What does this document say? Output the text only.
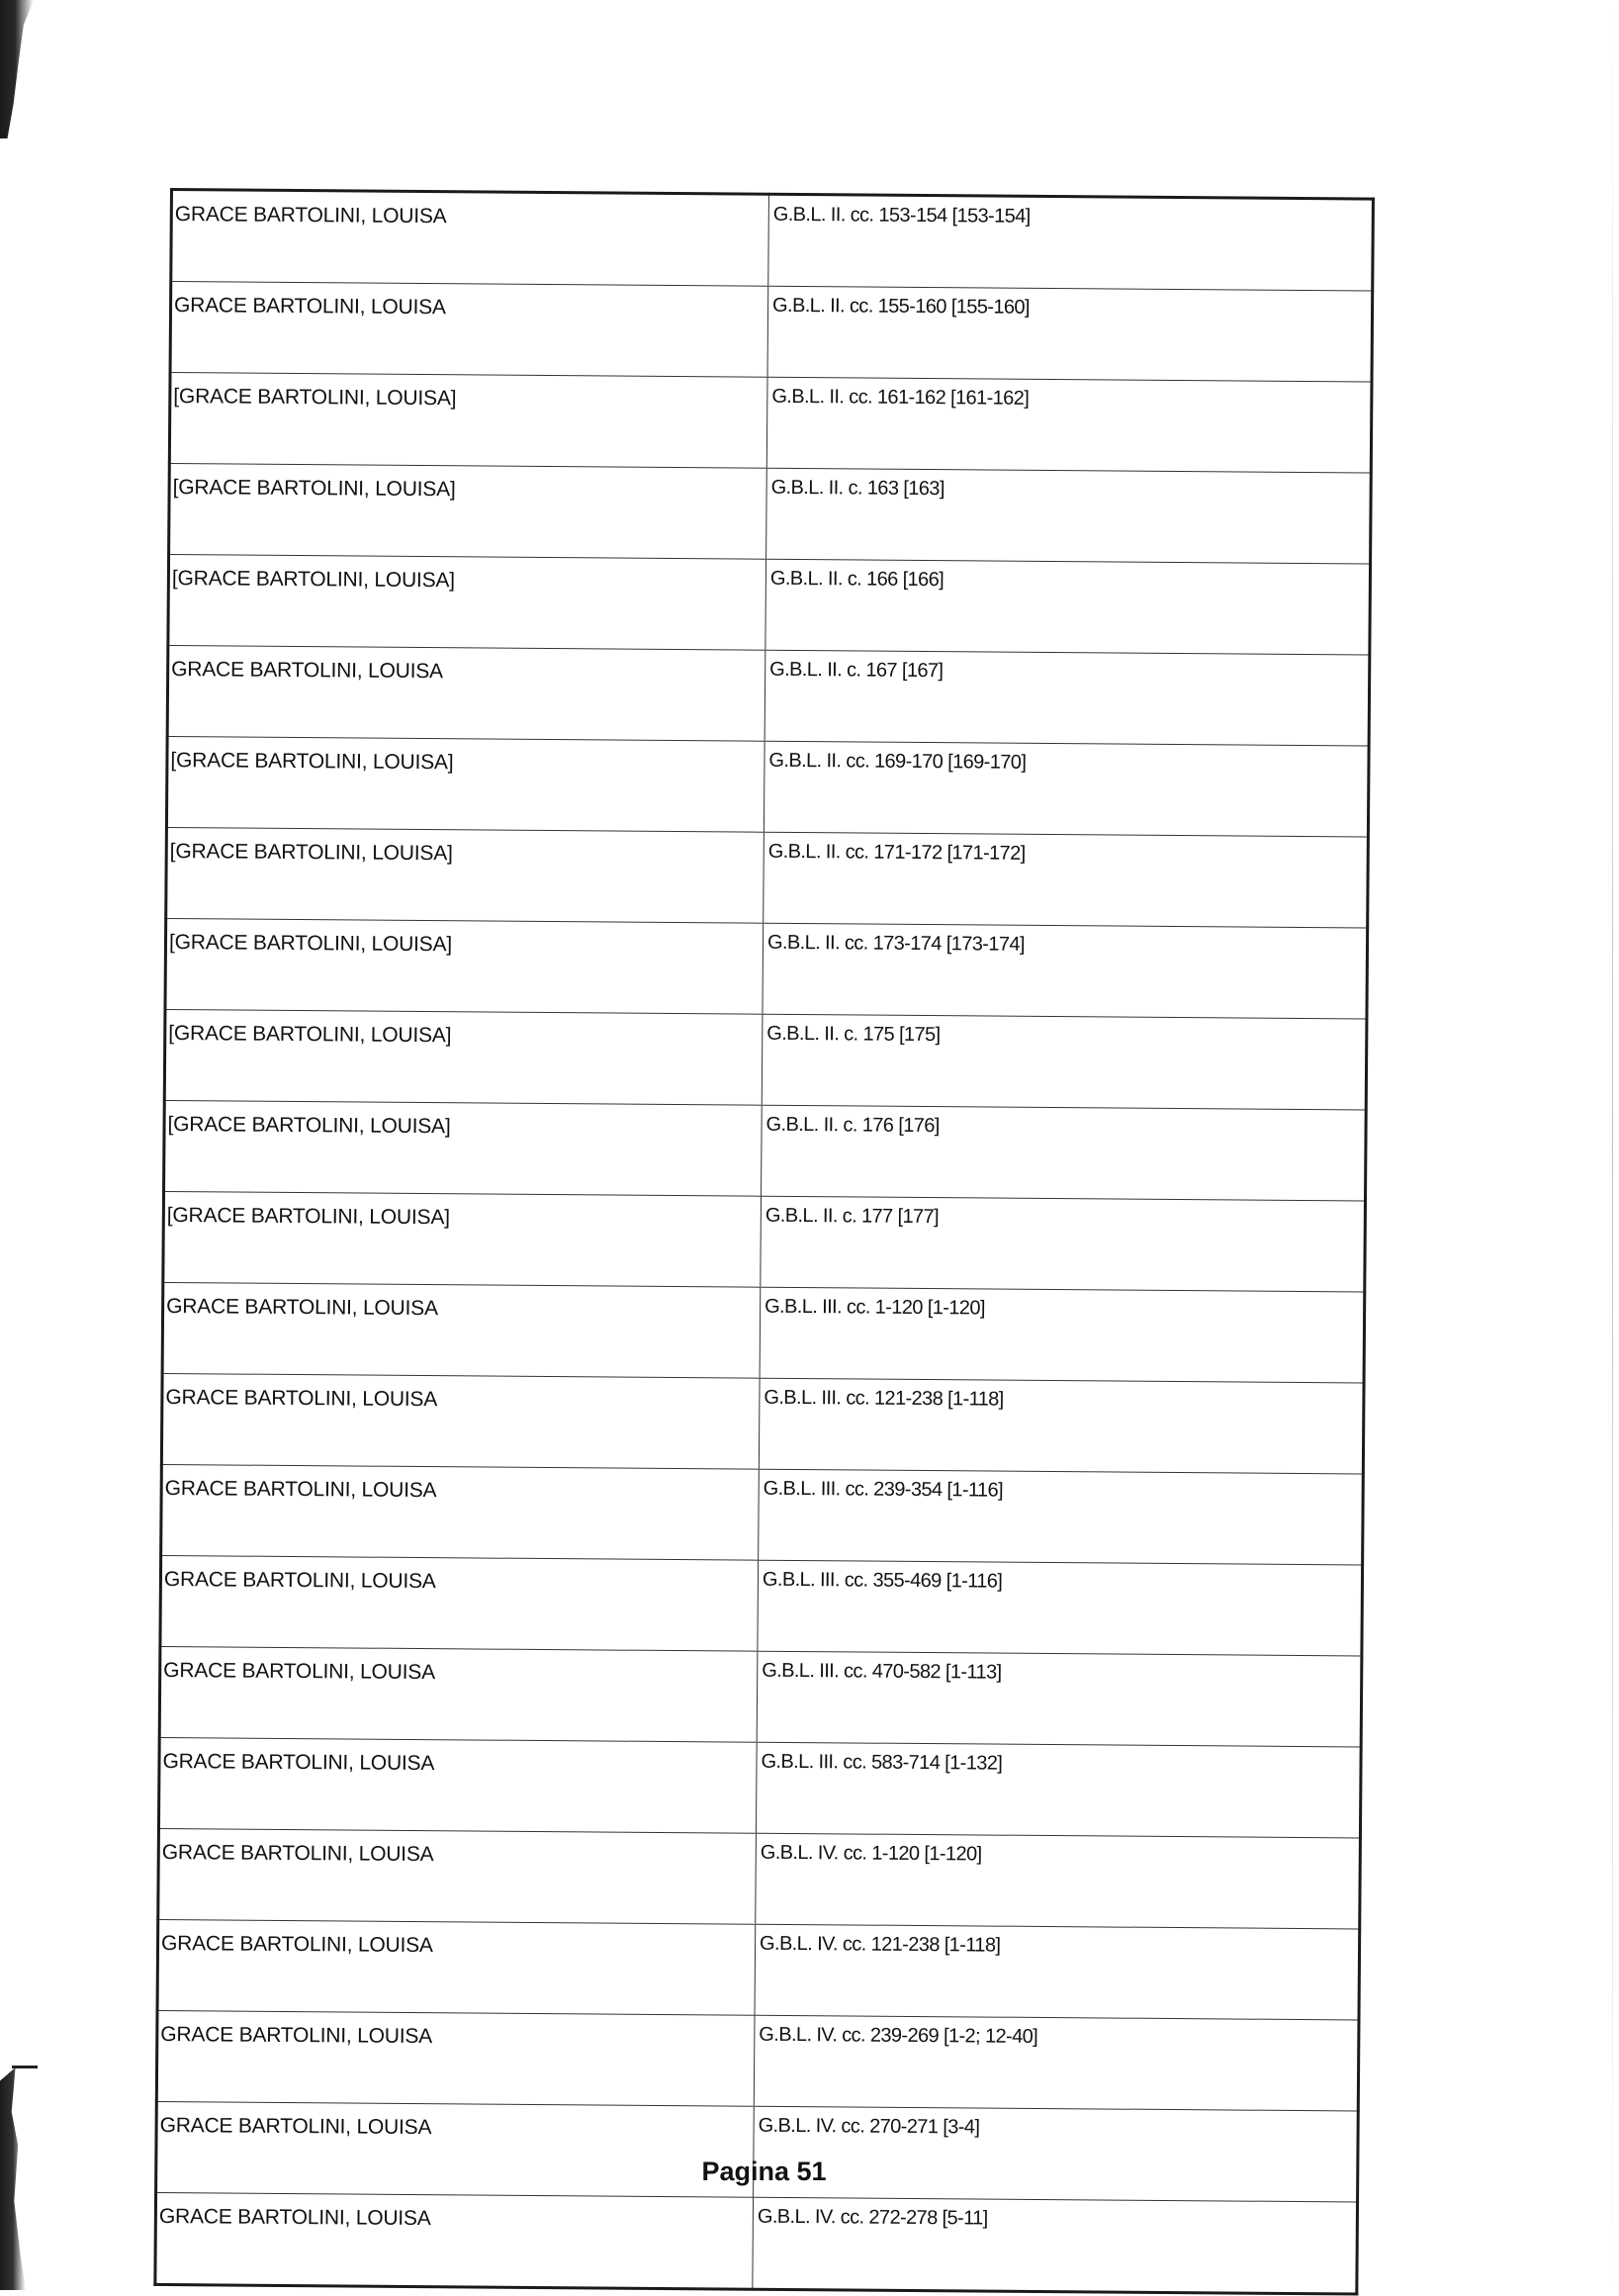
GRACE BARTOLINI, LOUISA	G.B.L. II. cc. 153-154 [153-154]
GRACE BARTOLINI, LOUISA	G.B.L. II. cc. 155-160 [155-160]
[GRACE BARTOLINI, LOUISA]	G.B.L. II. cc. 161-162 [161-162]
[GRACE BARTOLINI, LOUISA]	G.B.L. II. c. 163 [163]
[GRACE BARTOLINI, LOUISA]	G.B.L. II. c. 166 [166]
GRACE BARTOLINI, LOUISA	G.B.L. II. c. 167 [167]
[GRACE BARTOLINI, LOUISA]	G.B.L. II. cc. 169-170 [169-170]
[GRACE BARTOLINI, LOUISA]	G.B.L. II. cc. 171-172 [171-172]
[GRACE BARTOLINI, LOUISA]	G.B.L. II. cc. 173-174 [173-174]
[GRACE BARTOLINI, LOUISA]	G.B.L. II. c. 175 [175]
[GRACE BARTOLINI, LOUISA]	G.B.L. II. c. 176 [176]
[GRACE BARTOLINI, LOUISA]	G.B.L. II. c. 177 [177]
GRACE BARTOLINI, LOUISA	G.B.L. III. cc. 1-120 [1-120]
GRACE BARTOLINI, LOUISA	G.B.L. III. cc. 121-238 [1-118]
GRACE BARTOLINI, LOUISA	G.B.L. III. cc. 239-354 [1-116]
GRACE BARTOLINI, LOUISA	G.B.L. III. cc. 355-469 [1-116]
GRACE BARTOLINI, LOUISA	G.B.L. III. cc. 470-582 [1-113]
GRACE BARTOLINI, LOUISA	G.B.L. III. cc. 583-714 [1-132]
GRACE BARTOLINI, LOUISA	G.B.L. IV. cc. 1-120 [1-120]
GRACE BARTOLINI, LOUISA	G.B.L. IV. cc. 121-238 [1-118]
GRACE BARTOLINI, LOUISA	G.B.L. IV. cc. 239-269 [1-2; 12-40]
GRACE BARTOLINI, LOUISA	G.B.L. IV. cc. 270-271 [3-4]
GRACE BARTOLINI, LOUISA	G.B.L. IV. cc. 272-278 [5-11]
Pagina 51
